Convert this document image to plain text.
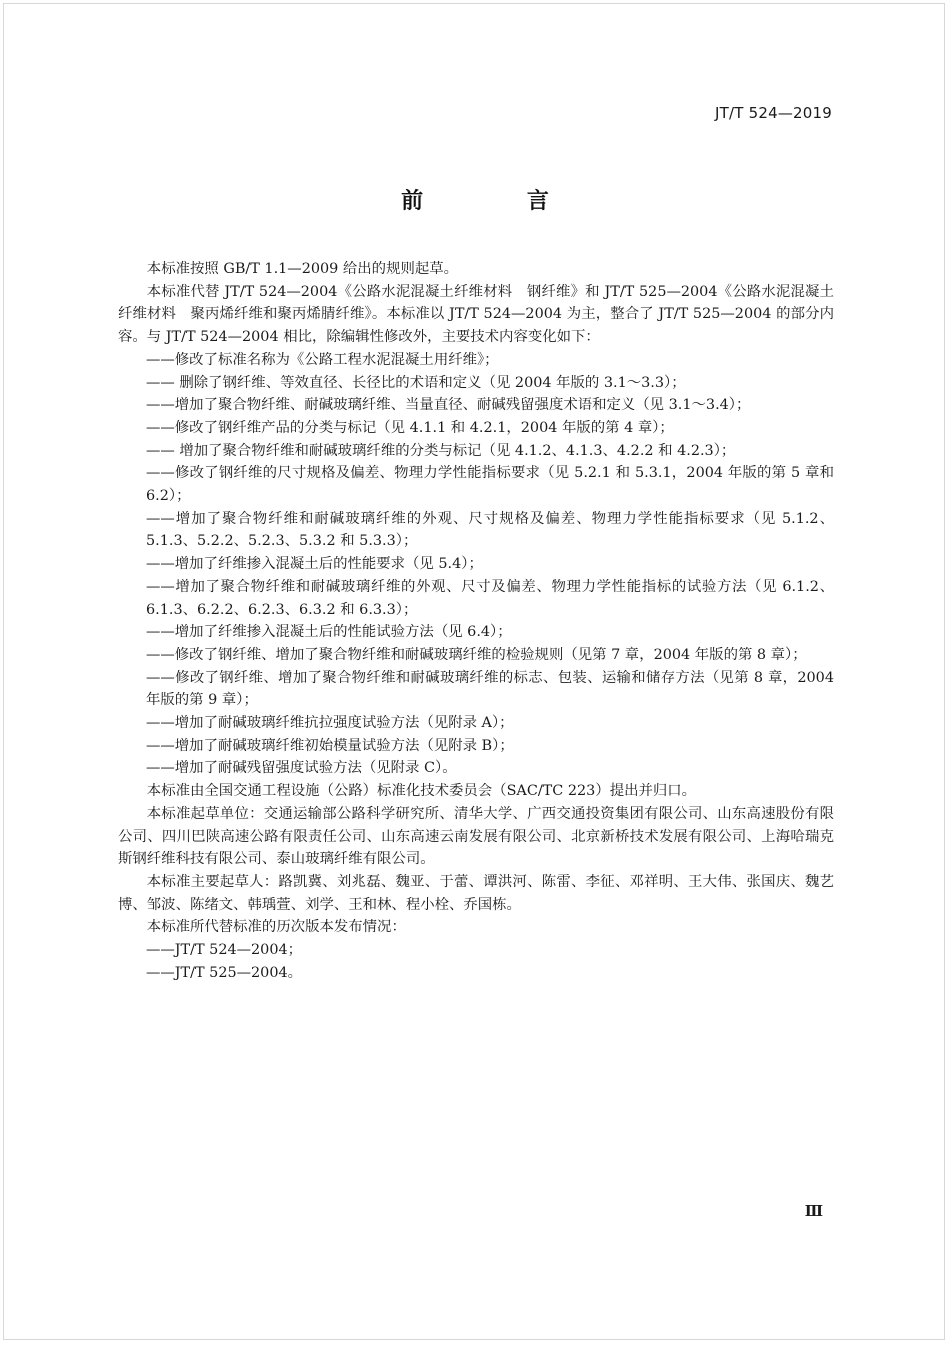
JT/T 524—2019
前 言

本标准按照 GB/T 1.1—2009 给出的规则起草。

本标准代替 JT/T 524—2004《公路水泥混凝土纤维材料　钢纤维》和 JT/T 525—2004《公路水泥混凝土纤维材料　聚丙烯纤维和聚丙烯腈纤维》。本标准以 JT/T 524—2004 为主，整合了 JT/T 525—2004 的部分内容。与 JT/T 524—2004 相比，除编辑性修改外，主要技术内容变化如下：

——修改了标准名称为《公路工程水泥混凝土用纤维》；

—— 删除了钢纤维、等效直径、长径比的术语和定义（见 2004 年版的 3.1～3.3）；

——增加了聚合物纤维、耐碱玻璃纤维、当量直径、耐碱残留强度术语和定义（见 3.1～3.4）；

——修改了钢纤维产品的分类与标记（见 4.1.1 和 4.2.1，2004 年版的第 4 章）；

—— 增加了聚合物纤维和耐碱玻璃纤维的分类与标记（见 4.1.2、4.1.3、4.2.2 和 4.2.3）；

——修改了钢纤维的尺寸规格及偏差、物理力学性能指标要求（见 5.2.1 和 5.3.1，2004 年版的第 5 章和 6.2）；

——增加了聚合物纤维和耐碱玻璃纤维的外观、尺寸规格及偏差、物理力学性能指标要求（见 5.1.2、5.1.3、5.2.2、5.2.3、5.3.2 和 5.3.3）；

——增加了纤维掺入混凝土后的性能要求（见 5.4）；

——增加了聚合物纤维和耐碱玻璃纤维的外观、尺寸及偏差、物理力学性能指标的试验方法（见 6.1.2、6.1.3、6.2.2、6.2.3、6.3.2 和 6.3.3）；

——增加了纤维掺入混凝土后的性能试验方法（见 6.4）；

——修改了钢纤维、增加了聚合物纤维和耐碱玻璃纤维的检验规则（见第 7 章，2004 年版的第 8 章）；

——修改了钢纤维、增加了聚合物纤维和耐碱玻璃纤维的标志、包装、运输和储存方法（见第 8 章，2004 年版的第 9 章）；

——增加了耐碱玻璃纤维抗拉强度试验方法（见附录 A）；

——增加了耐碱玻璃纤维初始模量试验方法（见附录 B）；

——增加了耐碱残留强度试验方法（见附录 C）。

本标准由全国交通工程设施（公路）标准化技术委员会（SAC/TC 223）提出并归口。

本标准起草单位：交通运输部公路科学研究所、清华大学、广西交通投资集团有限公司、山东高速股份有限公司、四川巴陕高速公路有限责任公司、山东高速云南发展有限公司、北京新桥技术发展有限公司、上海哈瑞克斯钢纤维科技有限公司、泰山玻璃纤维有限公司。

本标准主要起草人：路凯冀、刘兆磊、魏亚、于蕾、谭洪河、陈雷、李征、邓祥明、王大伟、张国庆、魏艺博、邹波、陈绪文、韩瑀萱、刘学、王和林、程小栓、乔国栋。

本标准所代替标准的历次版本发布情况：

——JT/T 524—2004；

——JT/T 525—2004。

Ⅲ
